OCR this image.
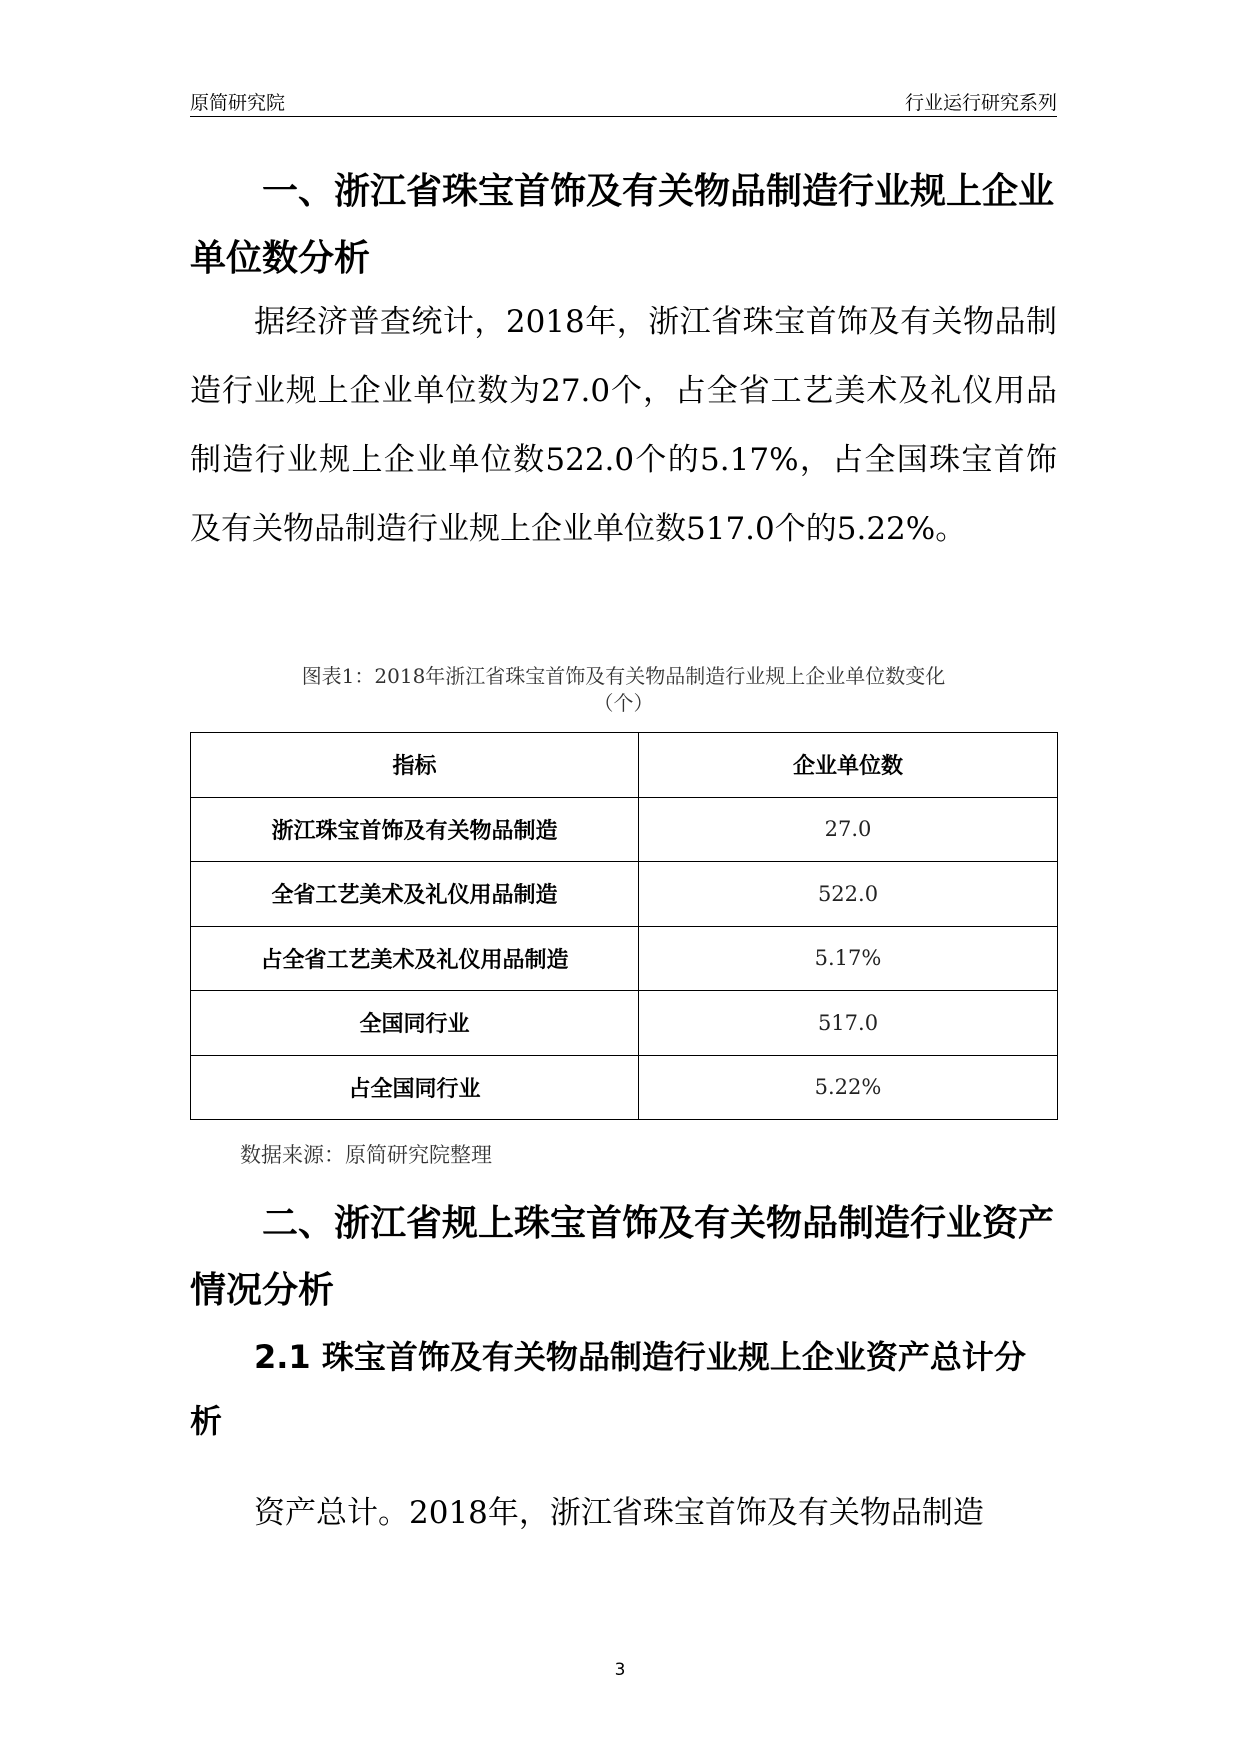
原简研究院	行业运行研究系列

一、浙江省珠宝首饰及有关物品制造行业规上企业单位数分析

据经济普查统计，2018年，浙江省珠宝首饰及有关物品制造行业规上企业单位数为27.0个，占全省工艺美术及礼仪用品制造行业规上企业单位数522.0个的5.17%，占全国珠宝首饰及有关物品制造行业规上企业单位数517.0个的5.22%。

图表1：2018年浙江省珠宝首饰及有关物品制造行业规上企业单位数变化
（个）
指标	企业单位数
浙江珠宝首饰及有关物品制造	27.0
全省工艺美术及礼仪用品制造	522.0
占全省工艺美术及礼仪用品制造	5.17%
全国同行业	517.0
占全国同行业	5.22%
数据来源：原简研究院整理

二、浙江省规上珠宝首饰及有关物品制造行业资产情况分析

2.1 珠宝首饰及有关物品制造行业规上企业资产总计分析

资产总计。2018年，浙江省珠宝首饰及有关物品制造

3
